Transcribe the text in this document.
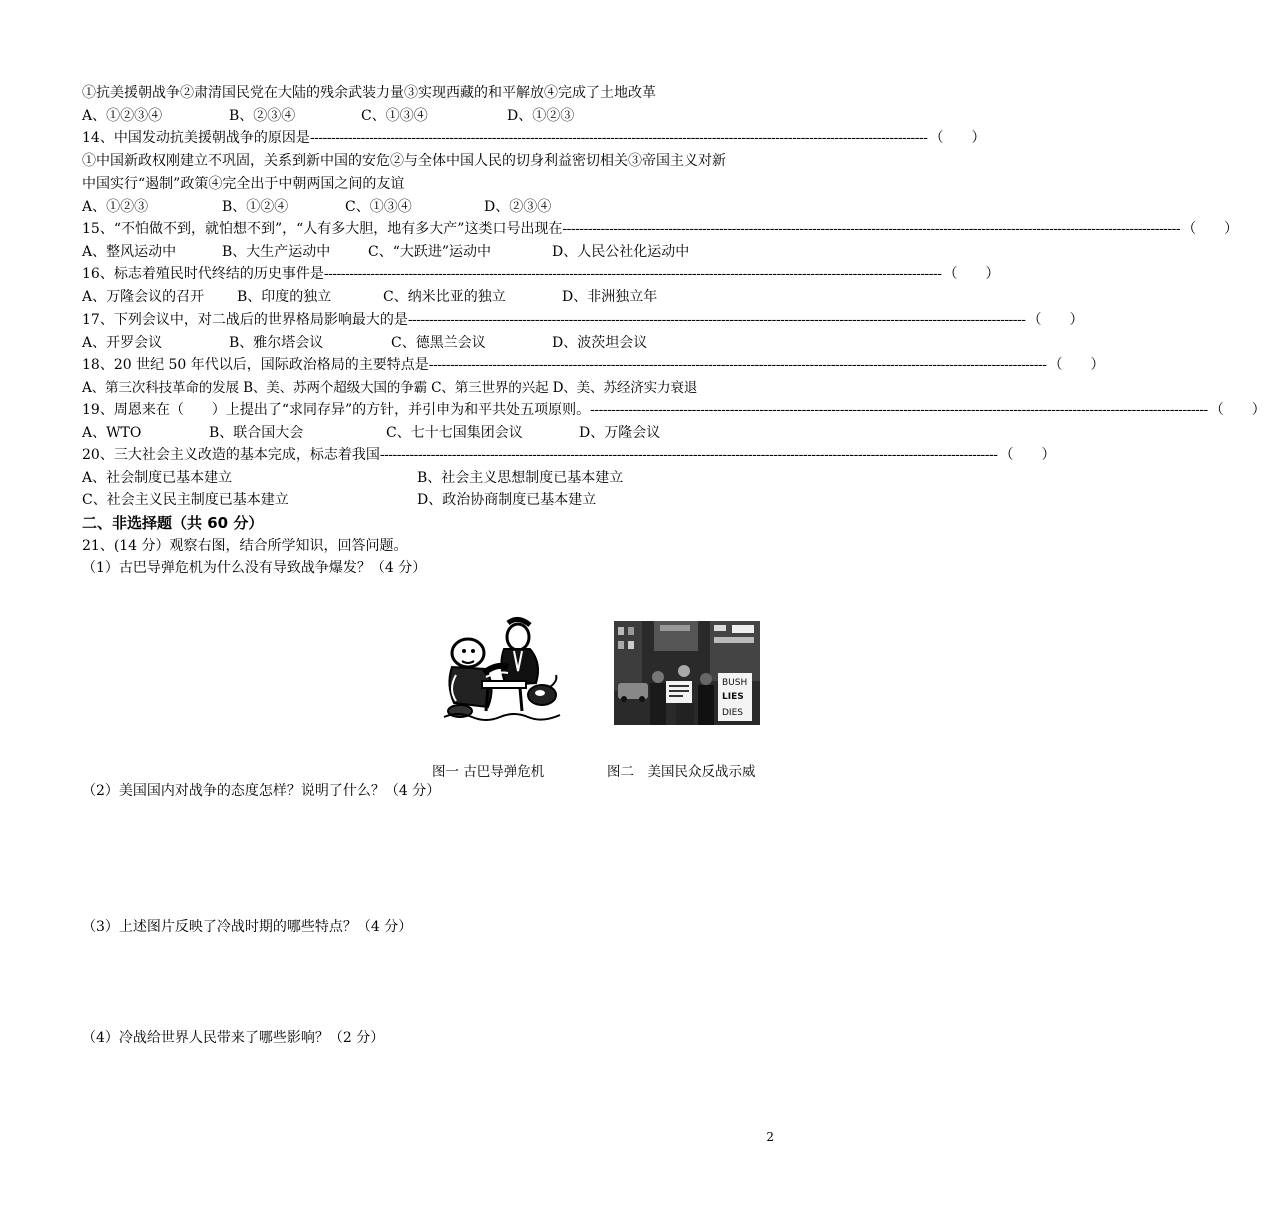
①抗美援朝战争②肃清国民党在大陆的残余武装力量③实现西藏的和平解放④完成了土地改革
A、①②③④	B、②③④	C、①③④	D、①②③
14、中国发动抗美援朝战争的原因是 -------------------------------------------------------------------------------------------------------------------------------------------------- （　　）
①中国新政权刚建立不巩固，关系到新中国的安危②与全体中国人民的切身利益密切相关③帝国主义对新
中国实行“遏制”政策④完全出于中朝两国之间的友谊
A、①②③	B、①②④	C、①③④	D、②③④
15、“不怕做不到，就怕想不到”，“人有多大胆，地有多大产”这类口号出现在 -------------------------------------------------------------------------------------------------------------------------------------------------- （　　）
A、整风运动中	B、大生产运动中	C、“大跃进”运动中	D、人民公社化运动中
16、标志着殖民时代终结的历史事件是 -------------------------------------------------------------------------------------------------------------------------------------------------- （　　）
A、万隆会议的召开 B、印度的独立	C、纳米比亚的独立	D、非洲独立年
17、下列会议中，对二战后的世界格局影响最大的是 -------------------------------------------------------------------------------------------------------------------------------------------------- （　　）
A、开罗会议	B、雅尔塔会议	C、德黑兰会议	D、波茨坦会议
18、20 世纪 50 年代以后，国际政治格局的主要特点是 -------------------------------------------------------------------------------------------------------------------------------------------------- （　　）
A、第三次科技革命的发展 B、美、苏两个超级大国的争霸 C、第三世界的兴起 D、美、苏经济实力衰退
19、周恩来在（　　）上提出了“求同存异”的方针，并引申为和平共处五项原则。 -------------------------------------------------------------------------------------------------------------------------------------------------- （　　）
A、WTO	B、联合国大会	C、七十七国集团会议	D、万隆会议
20、三大社会主义改造的基本完成，标志着我国 -------------------------------------------------------------------------------------------------------------------------------------------------- （　　）
A、社会制度已基本建立	B、社会主义思想制度已基本建立
C、社会主义民主制度已基本建立	D、政治协商制度已基本建立
二、非选择题（共 60 分）
21、(14 分）观察右图，结合所学知识，回答问题。
（1）古巴导弹危机为什么没有导致战争爆发？（4 分）
BUSH
LIES
DIES
图一 古巴导弹危机	图二　美国民众反战示威
（2）美国国内对战争的态度怎样？说明了什么？（4 分）
（3）上述图片反映了冷战时期的哪些特点？（4 分）
（4）冷战给世界人民带来了哪些影响？（2 分）
2
